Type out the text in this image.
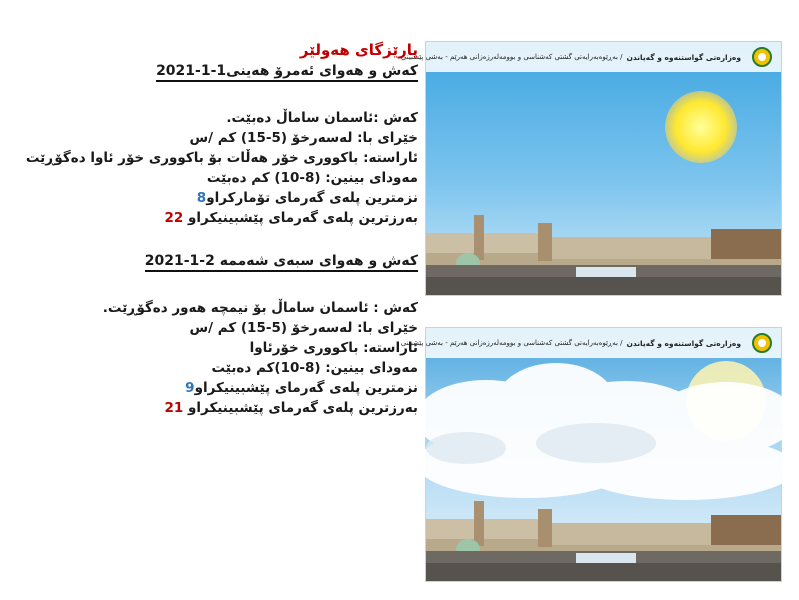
پارێزگای هەولێر
کەش و هەوای ئەمرۆ هەینی1-1-2021
کەش :ئاسمان ساماڵ دەبێت.
خێرای با: لەسەرخۆ (5-15) کم /س
ئاراستە: باکووری خۆر هەڵات بۆ باکووری خۆر ئاوا دەگۆڕێت
مەودای بینین: (8-10) کم دەبێت
نزمترین پلەی گەرمای تۆمارکراو8
بەرزترین پلەی گەرمای پێشبینیکراو 22
کەش و هەوای سبەی شەممە 2-1-2021
کەش : ئاسمان ساماڵ بۆ نیمچە هەور دەگۆڕێت.
خێرای با: لەسەرخۆ (5-15) کم /س
ئاراستە: باکووری خۆرئاوا
مەودای بینین: (8-10)کم دەبێت
نزمترین پلەی گەرمای پێشبینیکراو9
بەرزترین پلەی گەرمای پێشبینیکراو 21
وەزارەتی گواستنەوە و گەیاندن
/ بەڕێوەبەرایەتی گشتی کەشناسی و بوومەلەرزەزانی هەرێم - بەشی پێشبینی
وەزارەتی گواستنەوە و گەیاندن
/ بەڕێوەبەرایەتی گشتی کەشناسی و بوومەلەرزەزانی هەرێم - بەشی پێشبینی
